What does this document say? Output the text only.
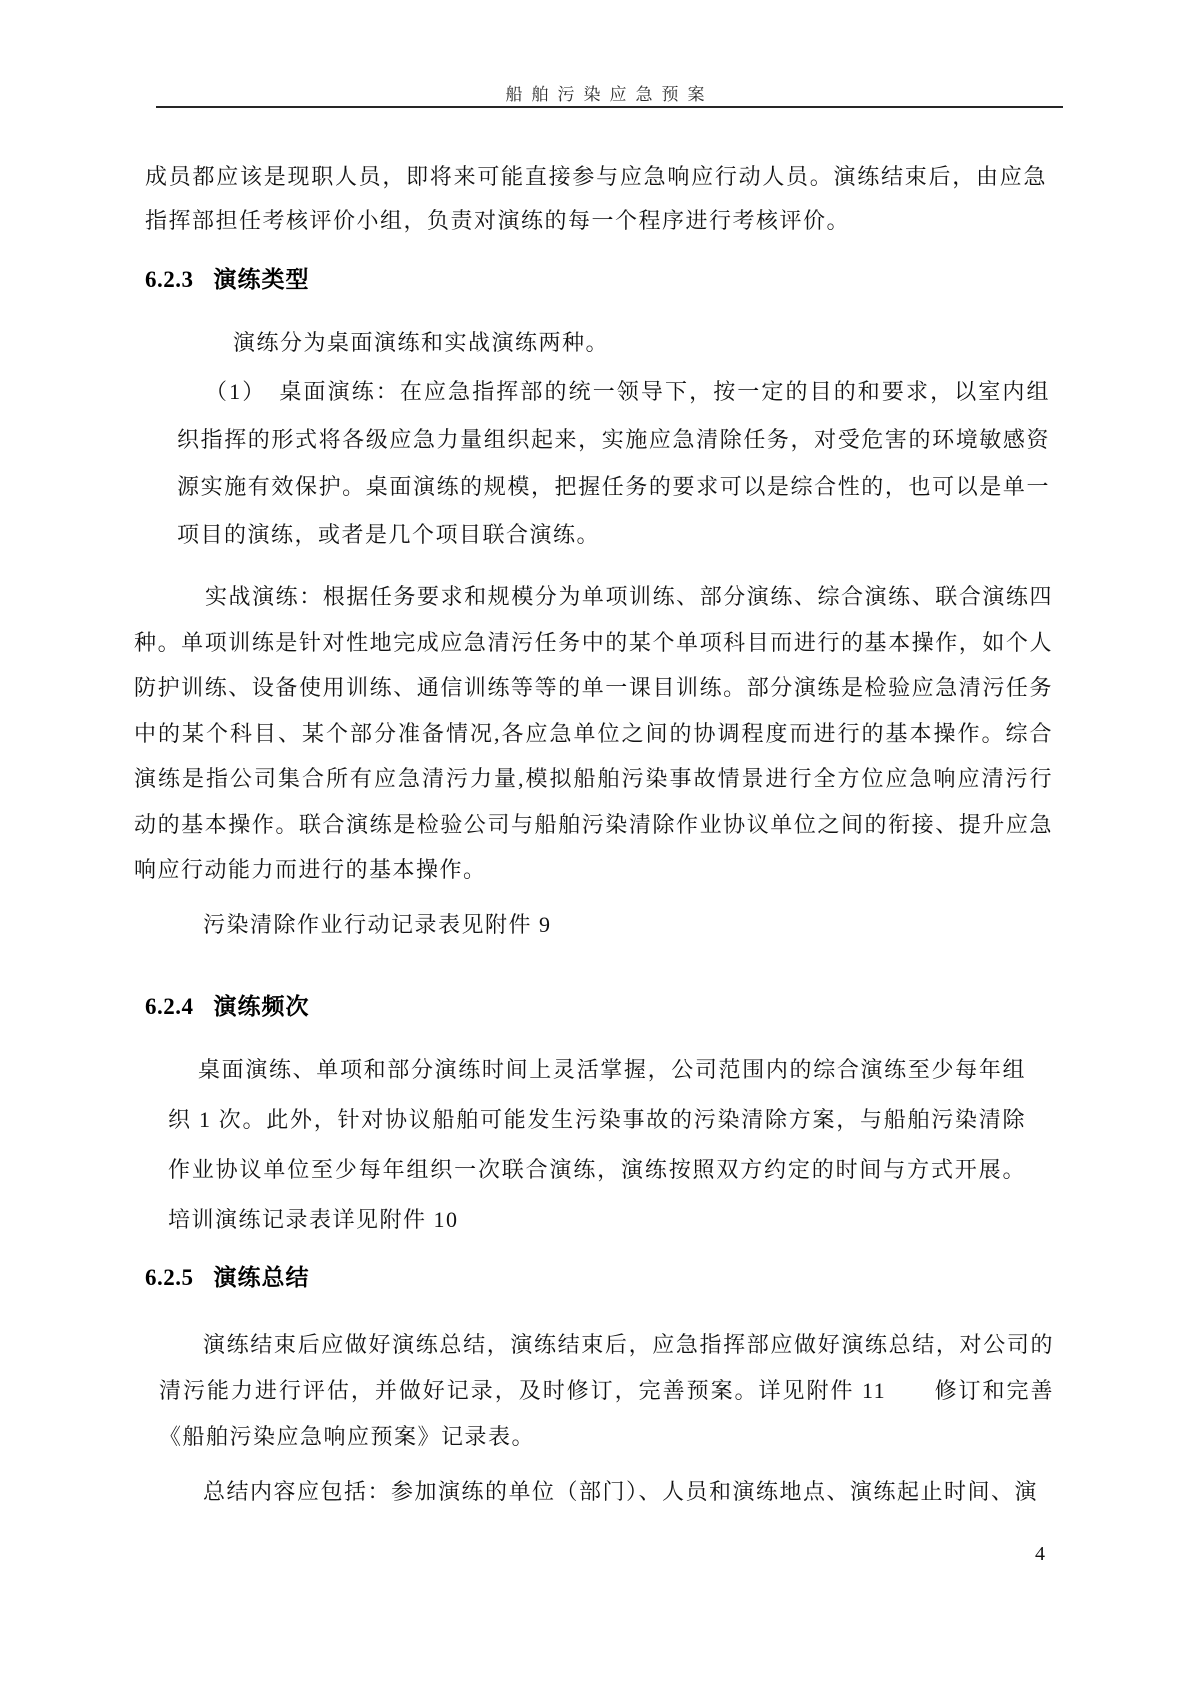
船舶污染应急预案
成员都应该是现职人员，即将来可能直接参与应急响应行动人员。演练结束后，由应急指挥部担任考核评价小组，负责对演练的每一个程序进行考核评价。
6.2.3 演练类型
演练分为桌面演练和实战演练两种。
（1）　桌面演练：在应急指挥部的统一领导下，按一定的目的和要求，以室内组织指挥的形式将各级应急力量组织起来，实施应急清除任务，对受危害的环境敏感资源实施有效保护。桌面演练的规模，把握任务的要求可以是综合性的，也可以是单一项目的演练，或者是几个项目联合演练。
实战演练：根据任务要求和规模分为单项训练、部分演练、综合演练、联合演练四种。单项训练是针对性地完成应急清污任务中的某个单项科目而进行的基本操作，如个人防护训练、设备使用训练、通信训练等等的单一课目训练。部分演练是检验应急清污任务中的某个科目、某个部分准备情况,各应急单位之间的协调程度而进行的基本操作。综合演练是指公司集合所有应急清污力量,模拟船舶污染事故情景进行全方位应急响应清污行动的基本操作。联合演练是检验公司与船舶污染清除作业协议单位之间的衔接、提升应急响应行动能力而进行的基本操作。
污染清除作业行动记录表见附件 9
6.2.4 演练频次
桌面演练、单项和部分演练时间上灵活掌握，公司范围内的综合演练至少每年组织 1 次。此外，针对协议船舶可能发生污染事故的污染清除方案，与船舶污染清除作业协议单位至少每年组织一次联合演练，演练按照双方约定的时间与方式开展。培训演练记录表详见附件 10
6.2.5 演练总结
演练结束后应做好演练总结，演练结束后，应急指挥部应做好演练总结，对公司的清污能力进行评估，并做好记录，及时修订，完善预案。详见附件 11　　修订和完善《船舶污染应急响应预案》记录表。
总结内容应包括：参加演练的单位（部门）、人员和演练地点、演练起止时间、演
4
